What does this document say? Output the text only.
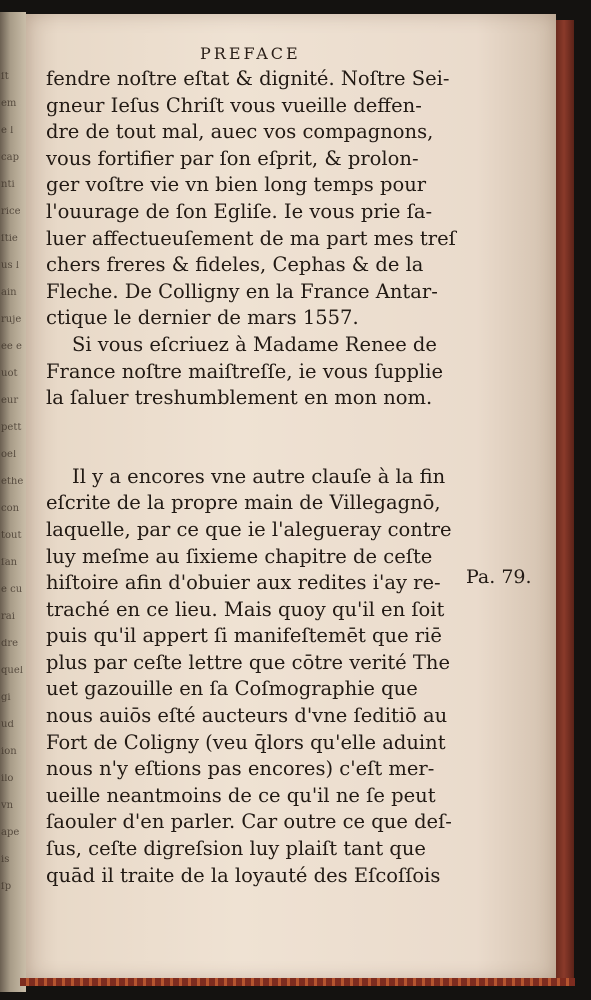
ſt
em
e l
cap
nti
rice
ſtie
us l
ain
ruje
ee e
uot
eur
pett
oel
ethe
con
tout
ſan
e cu
rai
dre
quel
gi
ud
ion
ilo
vn
ape
is
ſp
PREFACE
fendre noſtre eſtat & dignité. Noſtre Sei-
gneur Ieſus Chriſt vous vueille deffen-
dre de tout mal, auec vos compagnons,
vous fortifier par ſon eſprit, & prolon-
ger voſtre vie vn bien long temps pour
l'ouurage de ſon Egliſe. Ie vous prie ſa-
luer affectueuſement de ma part mes treſ
chers freres & fideles, Cephas & de la
Fleche. De Colligny en la France Antar-
ctique le dernier de mars 1557.
Si vous eſcriuez à Madame Renee de
France noſtre maiſtreſſe, ie vous ſupplie
la ſaluer treshumblement en mon nom.
Il y a encores vne autre clauſe à la fin
eſcrite de la propre main de Villegagnō,
laquelle, par ce que ie l'alegueray contre
luy meſme au ſixieme chapitre de ceſte
hiſtoire afin d'obuier aux redites i'ay re-
traché en ce lieu. Mais quoy qu'il en ſoit
puis qu'il appert ſi manifeſtemēt que riē
plus par ceſte lettre que cōtre verité The
uet gazouille en ſa Coſmographie que
nous auiōs eſté aucteurs d'vne ſeditiō au
Fort de Coligny (veu q̄lors qu'elle aduint
nous n'y eſtions pas encores) c'eſt mer-
ueille neantmoins de ce qu'il ne ſe peut
ſaouler d'en parler. Car outre ce que deſ-
ſus, ceſte digreſsion luy plaiſt tant que
quād il traite de la loyauté des Eſcoſſois
Pa. 79.
